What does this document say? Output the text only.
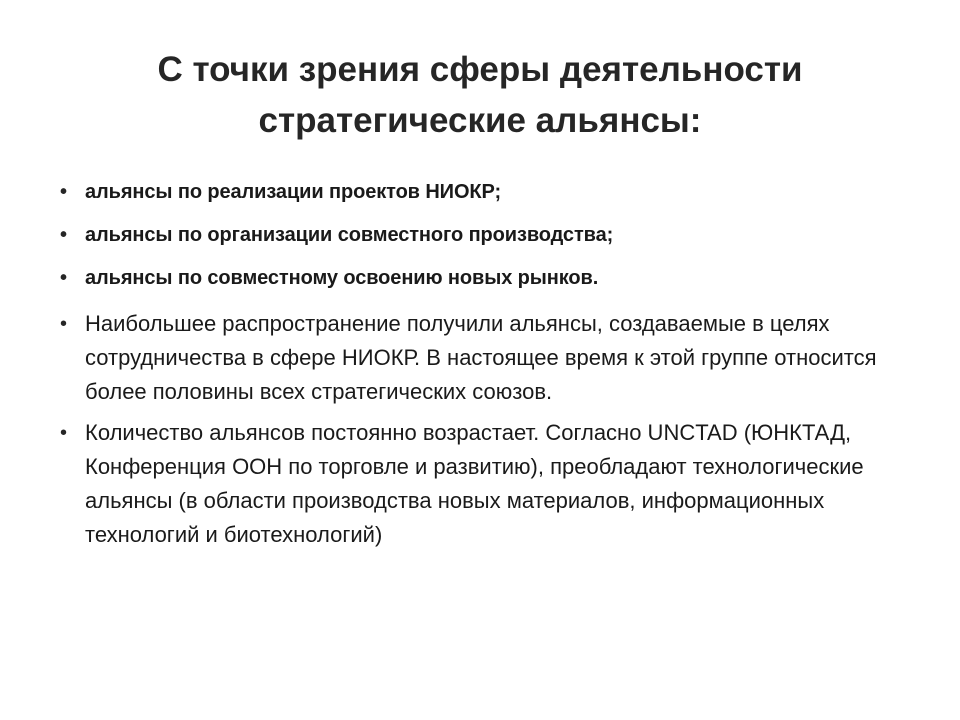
С точки зрения сферы деятельности
стратегические альянсы:
• альянсы по реализации проектов НИОКР;
• альянсы по организации совместного производства;
• альянсы по совместному освоению новых рынков.
• Наибольшее распространение получили альянсы, создаваемые в целях сотрудничества в сфере НИОКР. В настоящее время к этой группе относится более половины всех стратегических союзов.
• Количество альянсов постоянно возрастает. Согласно UNCTAD (ЮНКТАД, Конференция ООН по торговле и развитию), преобладают технологические альянсы (в области производства новых материалов, информационных технологий и биотехнологий)
